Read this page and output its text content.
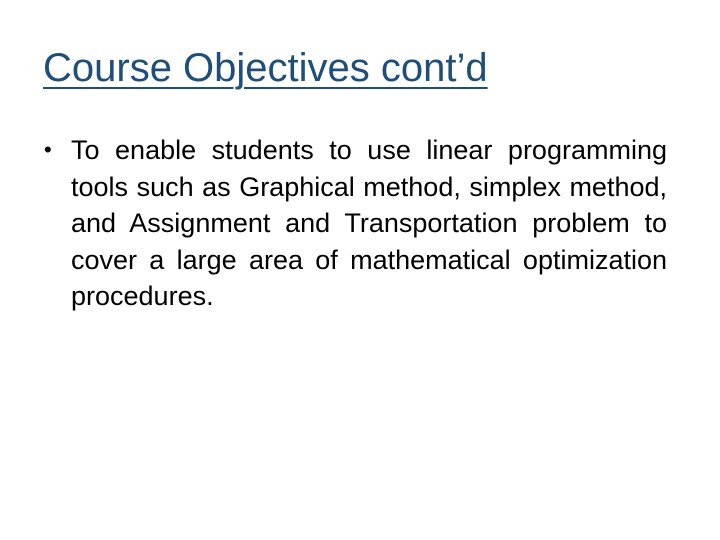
Course Objectives cont’d
• To enable students to use linear programming tools such as Graphical method, simplex method, and Assignment and Transportation problem to cover a large area of mathematical optimization procedures.
